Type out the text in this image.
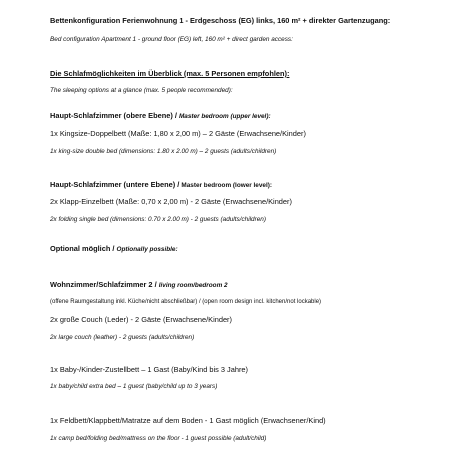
Bettenkonfiguration Ferienwohnung 1 - Erdgeschoss (EG) links, 160 m² + direkter Gartenzugang:
Bed configuration Apartment 1 - ground floor (EG) left, 160 m² + direct garden access:
Die Schlafmöglichkeiten im Überblick (max. 5 Personen empfohlen):
The sleeping options at a glance (max. 5 people recommended):
Haupt-Schlafzimmer (obere Ebene) / Master bedroom (upper level):
1x Kingsize-Doppelbett (Maße: 1,80 x 2,00 m) – 2 Gäste (Erwachsene/Kinder)
1x king-size double bed (dimensions: 1.80 x 2.00 m) – 2 guests (adults/children)
Haupt-Schlafzimmer (untere Ebene) / Master bedroom (lower level):
2x Klapp-Einzelbett (Maße: 0,70 x 2,00 m) - 2 Gäste (Erwachsene/Kinder)
2x folding single bed (dimensions: 0.70 x 2.00 m) - 2 guests (adults/children)
Optional möglich / Optionally possible:
Wohnzimmer/Schlafzimmer 2 / living room/bedroom 2
(offene Raumgestaltung inkl. Küche/nicht abschließbar) / (open room design incl. kitchen/not lockable)
2x große Couch (Leder) - 2 Gäste (Erwachsene/Kinder)
2x large couch (leather) - 2 guests (adults/children)
1x Baby-/Kinder-Zustellbett – 1 Gast (Baby/Kind bis 3 Jahre)
1x baby/child extra bed – 1 guest (baby/child up to 3 years)
1x Feldbett/Klappbett/Matratze auf dem Boden - 1 Gast möglich (Erwachsener/Kind)
1x camp bed/folding bed/mattress on the floor - 1 guest possible (adult/child)
